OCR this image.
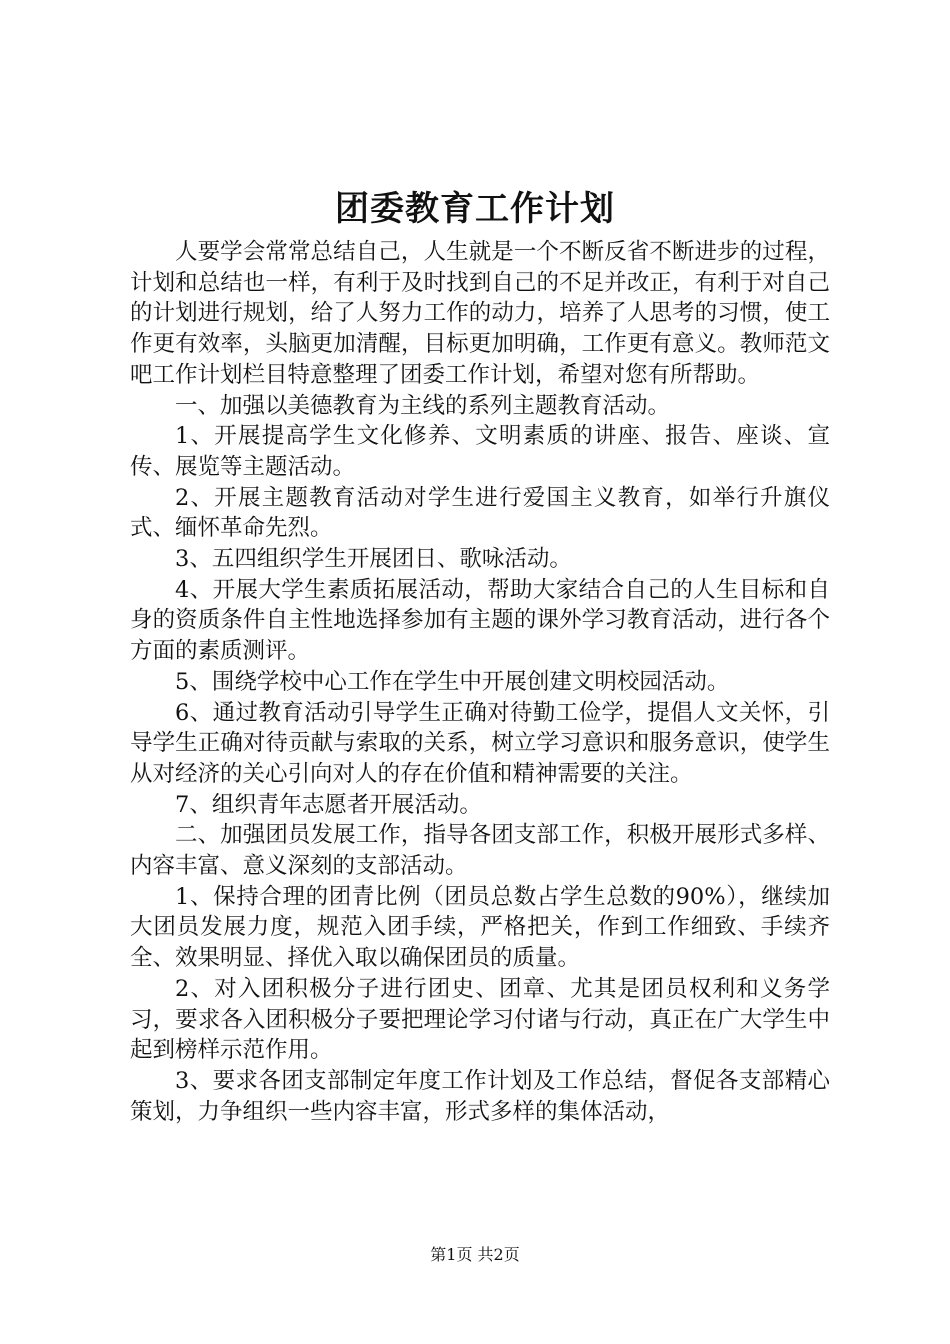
团委教育工作计划

人要学会常常总结自己，人生就是一个不断反省不断进步的过程，计划和总结也一样，有利于及时找到自己的不足并改正，有利于对自己的计划进行规划，给了人努力工作的动力，培养了人思考的习惯，使工作更有效率，头脑更加清醒，目标更加明确，工作更有意义。教师范文吧工作计划栏目特意整理了团委工作计划，希望对您有所帮助。

一、加强以美德教育为主线的系列主题教育活动。

1、开展提高学生文化修养、文明素质的讲座、报告、座谈、宣传、展览等主题活动。

2、开展主题教育活动对学生进行爱国主义教育，如举行升旗仪式、缅怀革命先烈。

3、五四组织学生开展团日、歌咏活动。

4、开展大学生素质拓展活动，帮助大家结合自己的人生目标和自身的资质条件自主性地选择参加有主题的课外学习教育活动，进行各个方面的素质测评。

5、围绕学校中心工作在学生中开展创建文明校园活动。

6、通过教育活动引导学生正确对待勤工俭学，提倡人文关怀，引导学生正确对待贡献与索取的关系，树立学习意识和服务意识，使学生从对经济的关心引向对人的存在价值和精神需要的关注。

7、组织青年志愿者开展活动。

二、加强团员发展工作，指导各团支部工作，积极开展形式多样、内容丰富、意义深刻的支部活动。

1、保持合理的团青比例（团员总数占学生总数的90%），继续加大团员发展力度，规范入团手续，严格把关，作到工作细致、手续齐全、效果明显、择优入取以确保团员的质量。

2、对入团积极分子进行团史、团章、尤其是团员权利和义务学习，要求各入团积极分子要把理论学习付诸与行动，真正在广大学生中起到榜样示范作用。

3、要求各团支部制定年度工作计划及工作总结，督促各支部精心策划，力争组织一些内容丰富，形式多样的集体活动，

第1页 共2页
